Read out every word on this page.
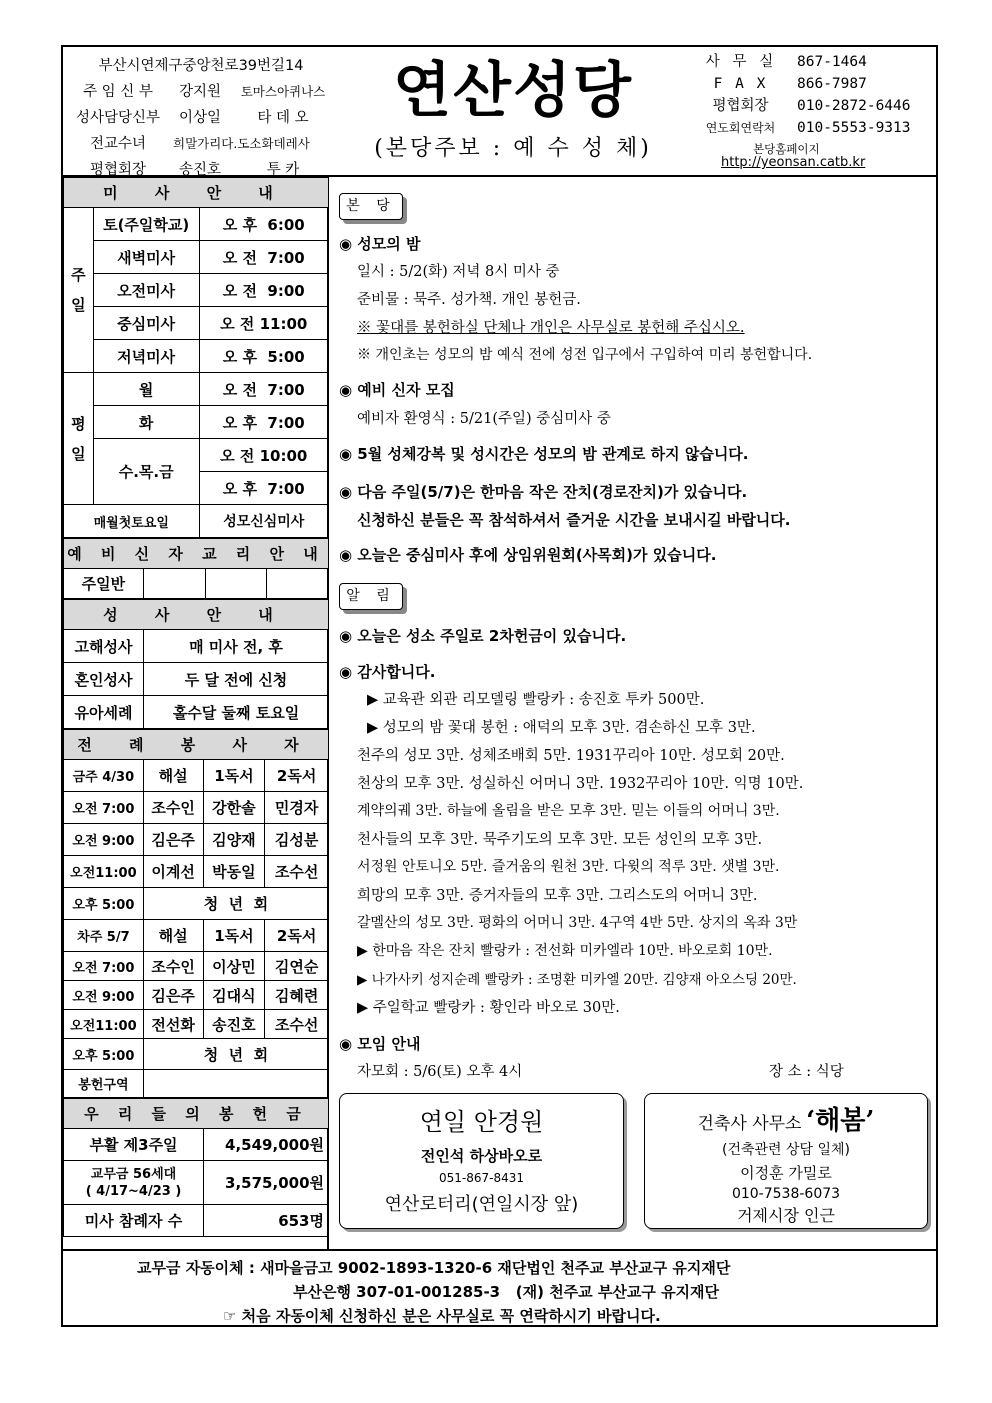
부산시연제구중앙천로39번길14
주 임 신 부	강지원	토마스아퀴나스
성사담당신부	이상일	타 데 오
전교수녀	희말가리다.도소화데레사
평협회장	송진호	투 카
연산성당
(본당주보 : 예 수 성 체)
사 무 실	867-1464
F A X	866-7987
평협회장	010-2872-6446
연도회연락처	010-5553-9313
본당홈페이지
http://yeonsan.catb.kr
미 사 안 내		
주일	토(주일학교)	오 후  6:00
	새벽미사	오 전  7:00
	오전미사	오 전  9:00
	중심미사	오 전 11:00
	저녁미사	오 후  5:00
평일	월	오 전  7:00
	화	오 후  7:00
	수.목.금	오 전 10:00
		오 후  7:00
매월첫토요일		성모신심미사
예 비 신 자 교 리 안 내
주일반			
성 사 안 내	
고해성사	매 미사 전, 후
혼인성사	두 달 전에 신청
유아세례	홀수달 둘째 토요일
전 례 봉 사 자			
금주 4/30	해설	1독서	2독서
오전 7:00	조수인	강한솔	민경자
오전 9:00	김은주	김양재	김성분
오전11:00	이계선	박동일	조수선
오후 5:00	청  년  회		
차주 5/7	해설	1독서	2독서
오전 7:00	조수인	이상민	김연순
오전 9:00	김은주	김대식	김혜련
오전11:00	전선화	송진호	조수선
오후 5:00	청  년  회		
봉헌구역			
우 리 들 의 봉 헌 금	
부활 제3주일	4,549,000원
교무금 56세대
( 4/17~4/23 )	3,575,000원
미사 참례자 수	653명
본 당
◉ 성모의 밤
일시 : 5/2(화) 저녁 8시 미사 중
준비물 : 묵주. 성가책. 개인 봉헌금.
※ 꽃대를 봉헌하실 단체나 개인은 사무실로 봉헌해 주십시오.
※ 개인초는 성모의 밤 예식 전에 성전 입구에서 구입하여 미리 봉헌합니다.
◉ 예비 신자 모집
예비자 환영식 : 5/21(주일) 중심미사 중
◉ 5월 성체강복 및 성시간은 성모의 밤 관계로 하지 않습니다.
◉ 다음 주일(5/7)은 한마음 작은 잔치(경로잔치)가 있습니다.
신청하신 분들은 꼭 참석하셔서 즐거운 시간을 보내시길 바랍니다.
◉ 오늘은 중심미사 후에 상임위원회(사목회)가 있습니다.
알 림
◉ 오늘은 성소 주일로 2차헌금이 있습니다.
◉ 감사합니다.
▶ 교육관 외관 리모델링 빨랑카 : 송진호 투카 500만.
▶ 성모의 밤 꽃대 봉헌 : 애덕의 모후 3만. 겸손하신 모후 3만.
천주의 성모 3만. 성체조배회 5만. 1931꾸리아 10만. 성모회 20만.
천상의 모후 3만. 성실하신 어머니 3만. 1932꾸리아 10만. 익명 10만.
계약의궤 3만. 하늘에 올림을 받은 모후 3만. 믿는 이들의 어머니 3만.
천사들의 모후 3만. 묵주기도의 모후 3만. 모든 성인의 모후 3만.
서정원 안토니오 5만. 즐거움의 원천 3만. 다윗의 적루 3만. 샛별 3만.
희망의 모후 3만. 증거자들의 모후 3만. 그리스도의 어머니 3만.
갈멜산의 성모 3만. 평화의 어머니 3만. 4구역 4반 5만. 상지의 옥좌 3만
▶ 한마음 작은 잔치 빨랑카 : 전선화 미카엘라 10만. 바오로회 10만.
▶ 나가사키 성지순례 빨랑카 : 조명환 미카엘 20만. 김양재 아오스딩 20만.
▶ 주일학교 빨랑카 : 황인라 바오로 30만.
◉ 모임 안내
자모회 : 5/6(토) 오후 4시	장 소 : 식당
연일 안경원
전인석 하상바오로
051-867-8431
연산로터리(연일시장 앞)
건축사 사무소 ‘해봄’
(건축관련 상담 일체)
이정훈 가밀로
010-7538-6073
거제시장 인근
교무금 자동이체 : 새마을금고 9002-1893-1320-6 재단법인 천주교 부산교구 유지재단
부산은행 307-01-001285-3   (재) 천주교 부산교구 유지재단
☞ 처음 자동이체 신청하신 분은 사무실로 꼭 연락하시기 바랍니다.
